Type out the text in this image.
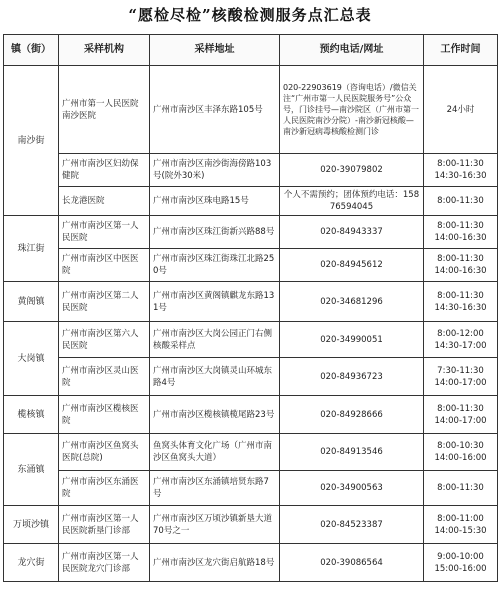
“愿检尽检”核酸检测服务点汇总表
镇（街）	采样机构	采样地址	预约电话/网址	工作时间
南沙街	广州市第一人民医院南沙医院	广州市南沙区丰泽东路105号	020-22903619（咨询电话）/微信关注“广州市第一人民医院服务号”公众号，门诊挂号—南沙院区（广州市第一人民医院南沙分院）-南沙新冠核酸—南沙新冠病毒核酸检测门诊	24小时

	广州市南沙区妇幼保健院	广州市南沙区南沙街海傍路103号(院外30米)	020-39079802	8:00-11:30
14:30-16:30

	长龙港医院	广州市南沙区珠电路15号	个人不需预约；团体预约电话：15876594045	8:00-11:30

珠江街	广州市南沙区第一人民医院	广州市南沙区珠江街新兴路88号	020-84943337	8:00-11:30
14:00-16:30

	广州市南沙区中医医院	广州市南沙区珠江街珠江北路250号	020-84945612	8:00-11:30
14:00-16:30

黄阁镇	广州市南沙区第二人民医院	广州市南沙区黄阁镇麒龙东路131号	020-34681296	8:00-11:30
14:30-16:30

大岗镇	广州市南沙区第六人民医院	广州市南沙区大岗公园正门右侧核酸采样点	020-34990051	8:00-12:00
14:30-17:00

	广州市南沙区灵山医院	广州市南沙区大岗镇灵山环城东路4号	020-84936723	7:30-11:30
14:00-17:00

榄核镇	广州市南沙区榄核医院	广州市南沙区榄核镇榄尾路23号	020-84928666	8:00-11:30
14:00-17:00

东涌镇	广州市南沙区鱼窝头医院(总院)	鱼窝头体育文化广场（广州市南沙区鱼窝头大道）	020-84913546	8:00-10:30
14:00-16:00

	广州市南沙区东涌医院	广州市南沙区东涌镇培贤东路7号	020-34900563	8:00-11:30

万顷沙镇	广州市南沙区第一人民医院新垦门诊部	广州市南沙区万顷沙镇新垦大道70号之一	020-84523387	8:00-11:00
14:00-15:30

龙穴街	广州市南沙区第一人民医院龙穴门诊部	广州市南沙区龙穴街启航路18号	020-39086564	9:00-10:00
15:00-16:00
